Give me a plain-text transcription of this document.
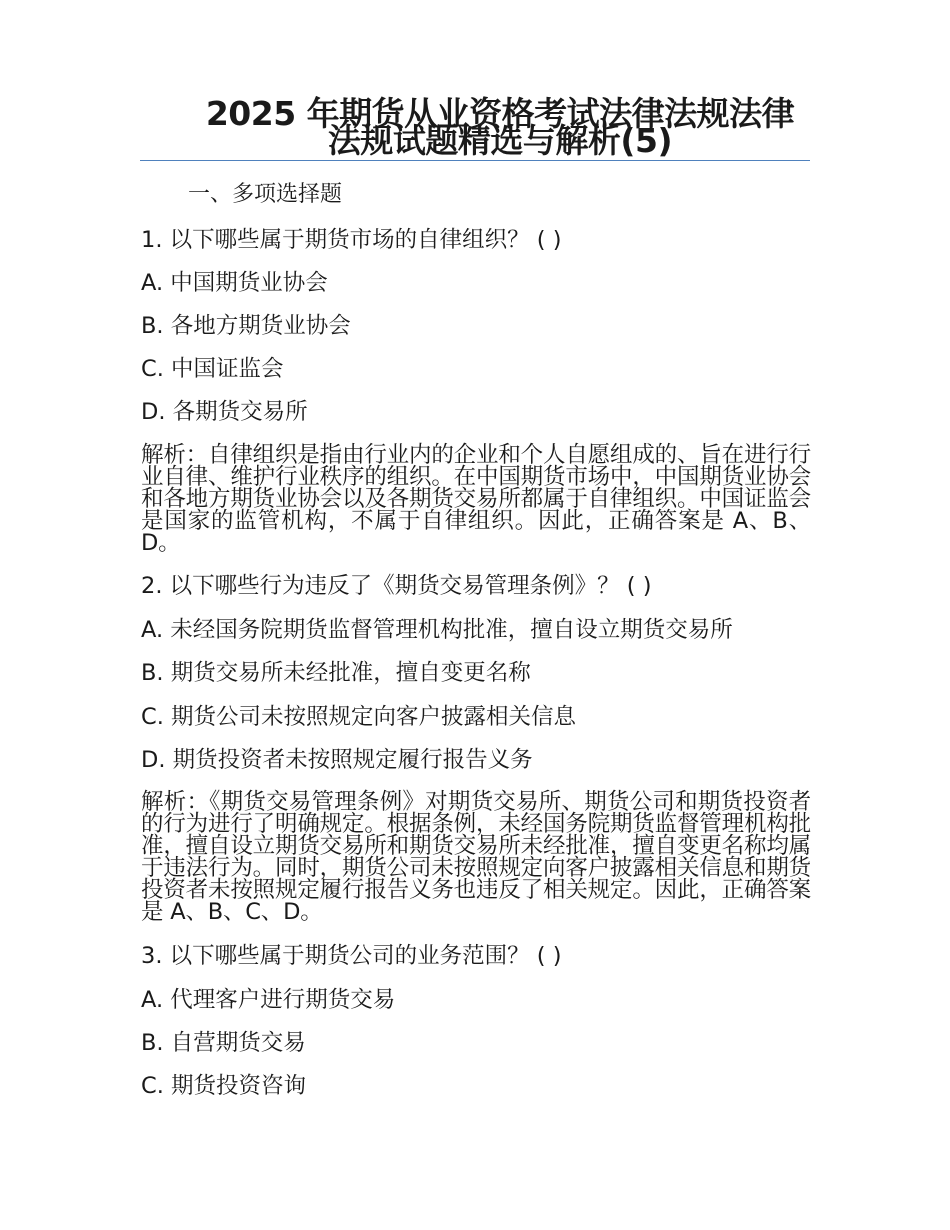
2025 年期货从业资格考试法律法规法律法规试题精选与解析(5)
一、多项选择题
1. 以下哪些属于期货市场的自律组织？ ( )
A. 中国期货业协会
B. 各地方期货业协会
C. 中国证监会
D. 各期货交易所
解析：自律组织是指由行业内的企业和个人自愿组成的、旨在进行行业自律、维护行业秩序的组织。在中国期货市场中，中国期货业协会和各地方期货业协会以及各期货交易所都属于自律组织。中国证监会是国家的监管机构，不属于自律组织。因此，正确答案是 A、B、D。
2. 以下哪些行为违反了《期货交易管理条例》？ ( )
A. 未经国务院期货监督管理机构批准，擅自设立期货交易所
B. 期货交易所未经批准，擅自变更名称
C. 期货公司未按照规定向客户披露相关信息
D. 期货投资者未按照规定履行报告义务
解析：《期货交易管理条例》对期货交易所、期货公司和期货投资者的行为进行了明确规定。根据条例，未经国务院期货监督管理机构批准，擅自设立期货交易所和期货交易所未经批准，擅自变更名称均属于违法行为。同时，期货公司未按照规定向客户披露相关信息和期货投资者未按照规定履行报告义务也违反了相关规定。因此，正确答案是 A、B、C、D。
3. 以下哪些属于期货公司的业务范围？ ( )
A. 代理客户进行期货交易
B. 自营期货交易
C. 期货投资咨询
